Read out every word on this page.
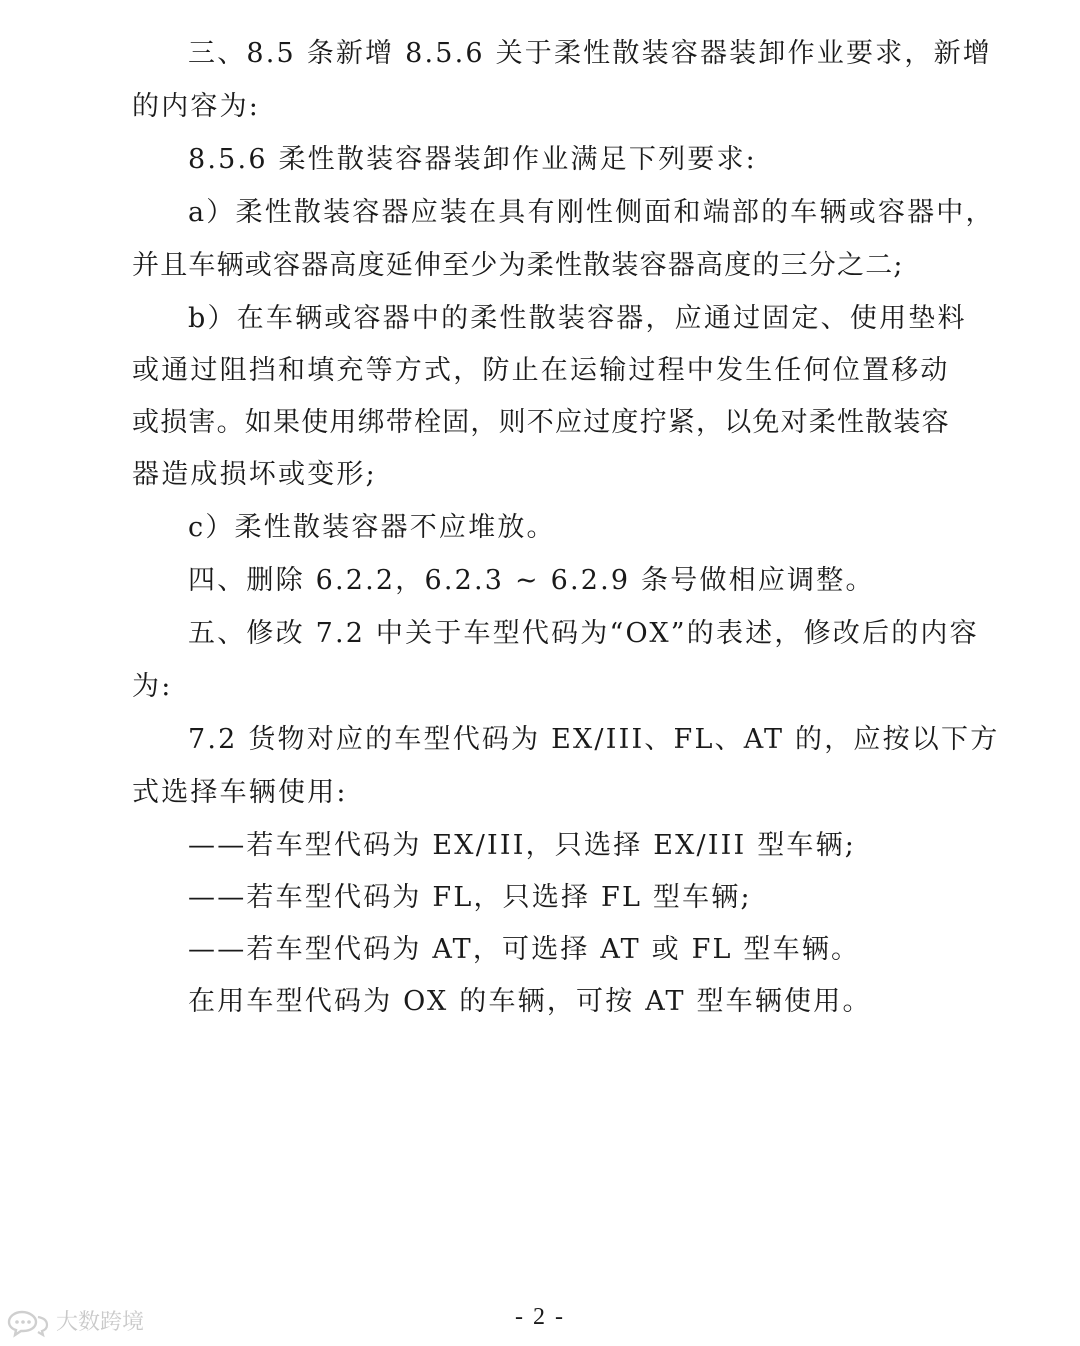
三、8.5 条新增 8.5.6 关于柔性散装容器装卸作业要求，新增
的内容为:
8.5.6 柔性散装容器装卸作业满足下列要求:
a）柔性散装容器应装在具有刚性侧面和端部的车辆或容器中，
并且车辆或容器高度延伸至少为柔性散装容器高度的三分之二;
b）在车辆或容器中的柔性散装容器，应通过固定、使用垫料
或通过阻挡和填充等方式，防止在运输过程中发生任何位置移动
或损害。如果使用绑带栓固，则不应过度拧紧，以免对柔性散装容
器造成损坏或变形;
c）柔性散装容器不应堆放。
四、删除 6.2.2，6.2.3 ~ 6.2.9 条号做相应调整。
五、修改 7.2 中关于车型代码为“OX”的表述，修改后的内容
为:
7.2 货物对应的车型代码为 EX/III、FL、AT 的，应按以下方
式选择车辆使用:
——若车型代码为 EX/III，只选择 EX/III 型车辆;
——若车型代码为 FL，只选择 FL 型车辆;
——若车型代码为 AT，可选择 AT 或 FL 型车辆。
在用车型代码为 OX 的车辆，可按 AT 型车辆使用。
- 2 -
大数跨境
